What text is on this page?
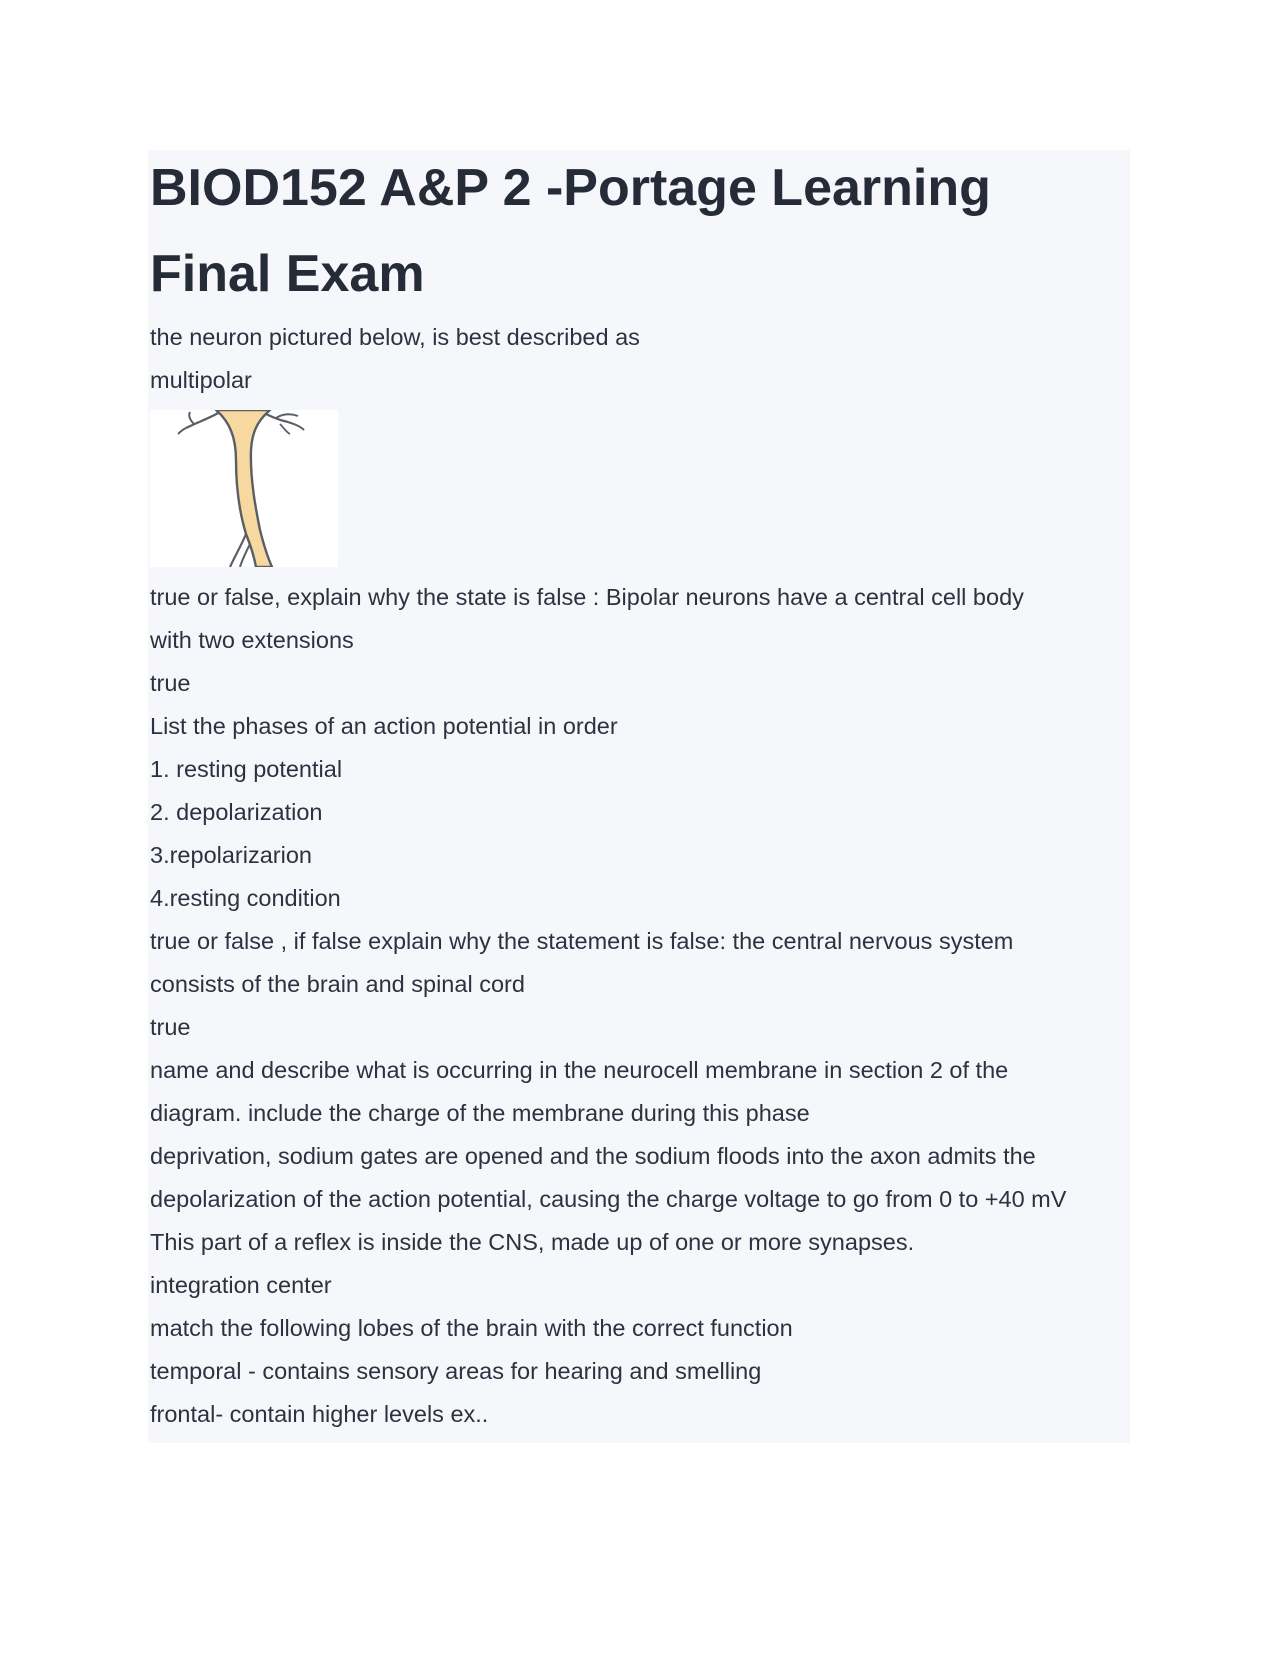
BIOD152 A&P 2 -Portage Learning Final Exam

the neuron pictured below, is best described as

multipolar

true or false, explain why the state is false : Bipolar neurons have a central cell body

with two extensions

true

List the phases of an action potential in order

1. resting potential

2. depolarization

3.repolarizarion

4.resting condition

true or false , if false explain why the statement is false: the central nervous system

consists of the brain and spinal cord

true

name and describe what is occurring in the neurocell membrane in section 2 of the

diagram. include the charge of the membrane during this phase

deprivation, sodium gates are opened and the sodium floods into the axon admits the

depolarization of the action potential, causing the charge voltage to go from 0 to +40 mV

This part of a reflex is inside the CNS, made up of one or more synapses.

integration center

match the following lobes of the brain with the correct function

temporal - contains sensory areas for hearing and smelling

frontal- contain higher levels ex..
